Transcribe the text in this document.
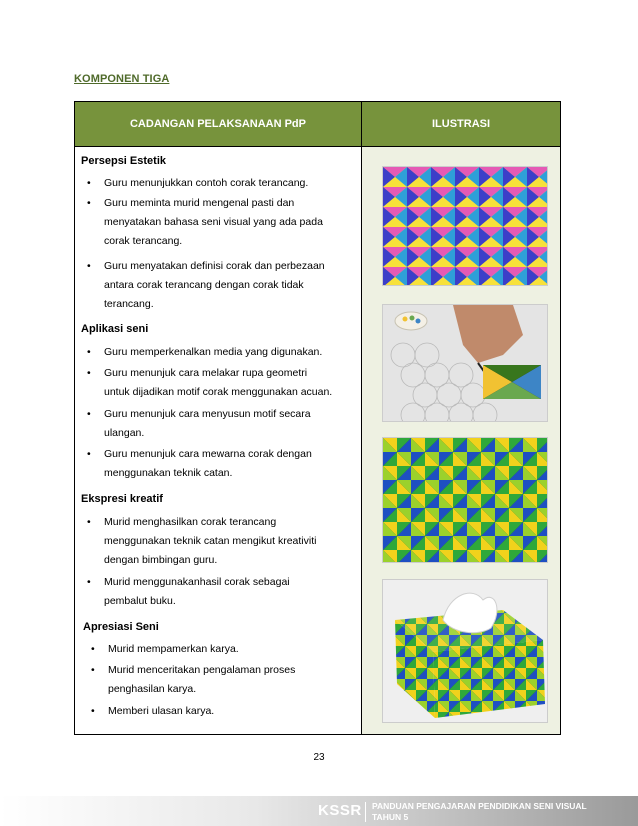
KOMPONEN TIGA
CADANGAN PELAKSANAAN PdP	ILUSTRASI
Persepsi Estetik
• Guru menunjukkan contoh corak terancang.
• Guru meminta murid mengenal pasti dan
menyatakan bahasa seni visual yang ada pada
corak terancang.
• Guru menyatakan definisi corak dan perbezaan
antara corak terancang dengan corak tidak
terancang.
Aplikasi seni
• Guru memperkenalkan media yang digunakan.
• Guru menunjuk cara melakar rupa geometri
untuk dijadikan motif corak menggunakan acuan.
• Guru menunjuk cara menyusun motif secara
ulangan.
• Guru menunjuk cara mewarna corak dengan
menggunakan teknik catan.
Ekspresi kreatif
• Murid menghasilkan corak terancang
menggunakan teknik catan mengikut kreativiti
dengan bimbingan guru.
• Murid menggunakanhasil corak sebagai
pembalut buku.
Apresiasi Seni
• Murid mempamerkan karya.
• Murid menceritakan pengalaman proses
penghasilan karya.
• Memberi ulasan karya.
23
KSSR PANDUAN PENGAJARAN PENDIDIKAN SENI VISUAL
TAHUN 5
